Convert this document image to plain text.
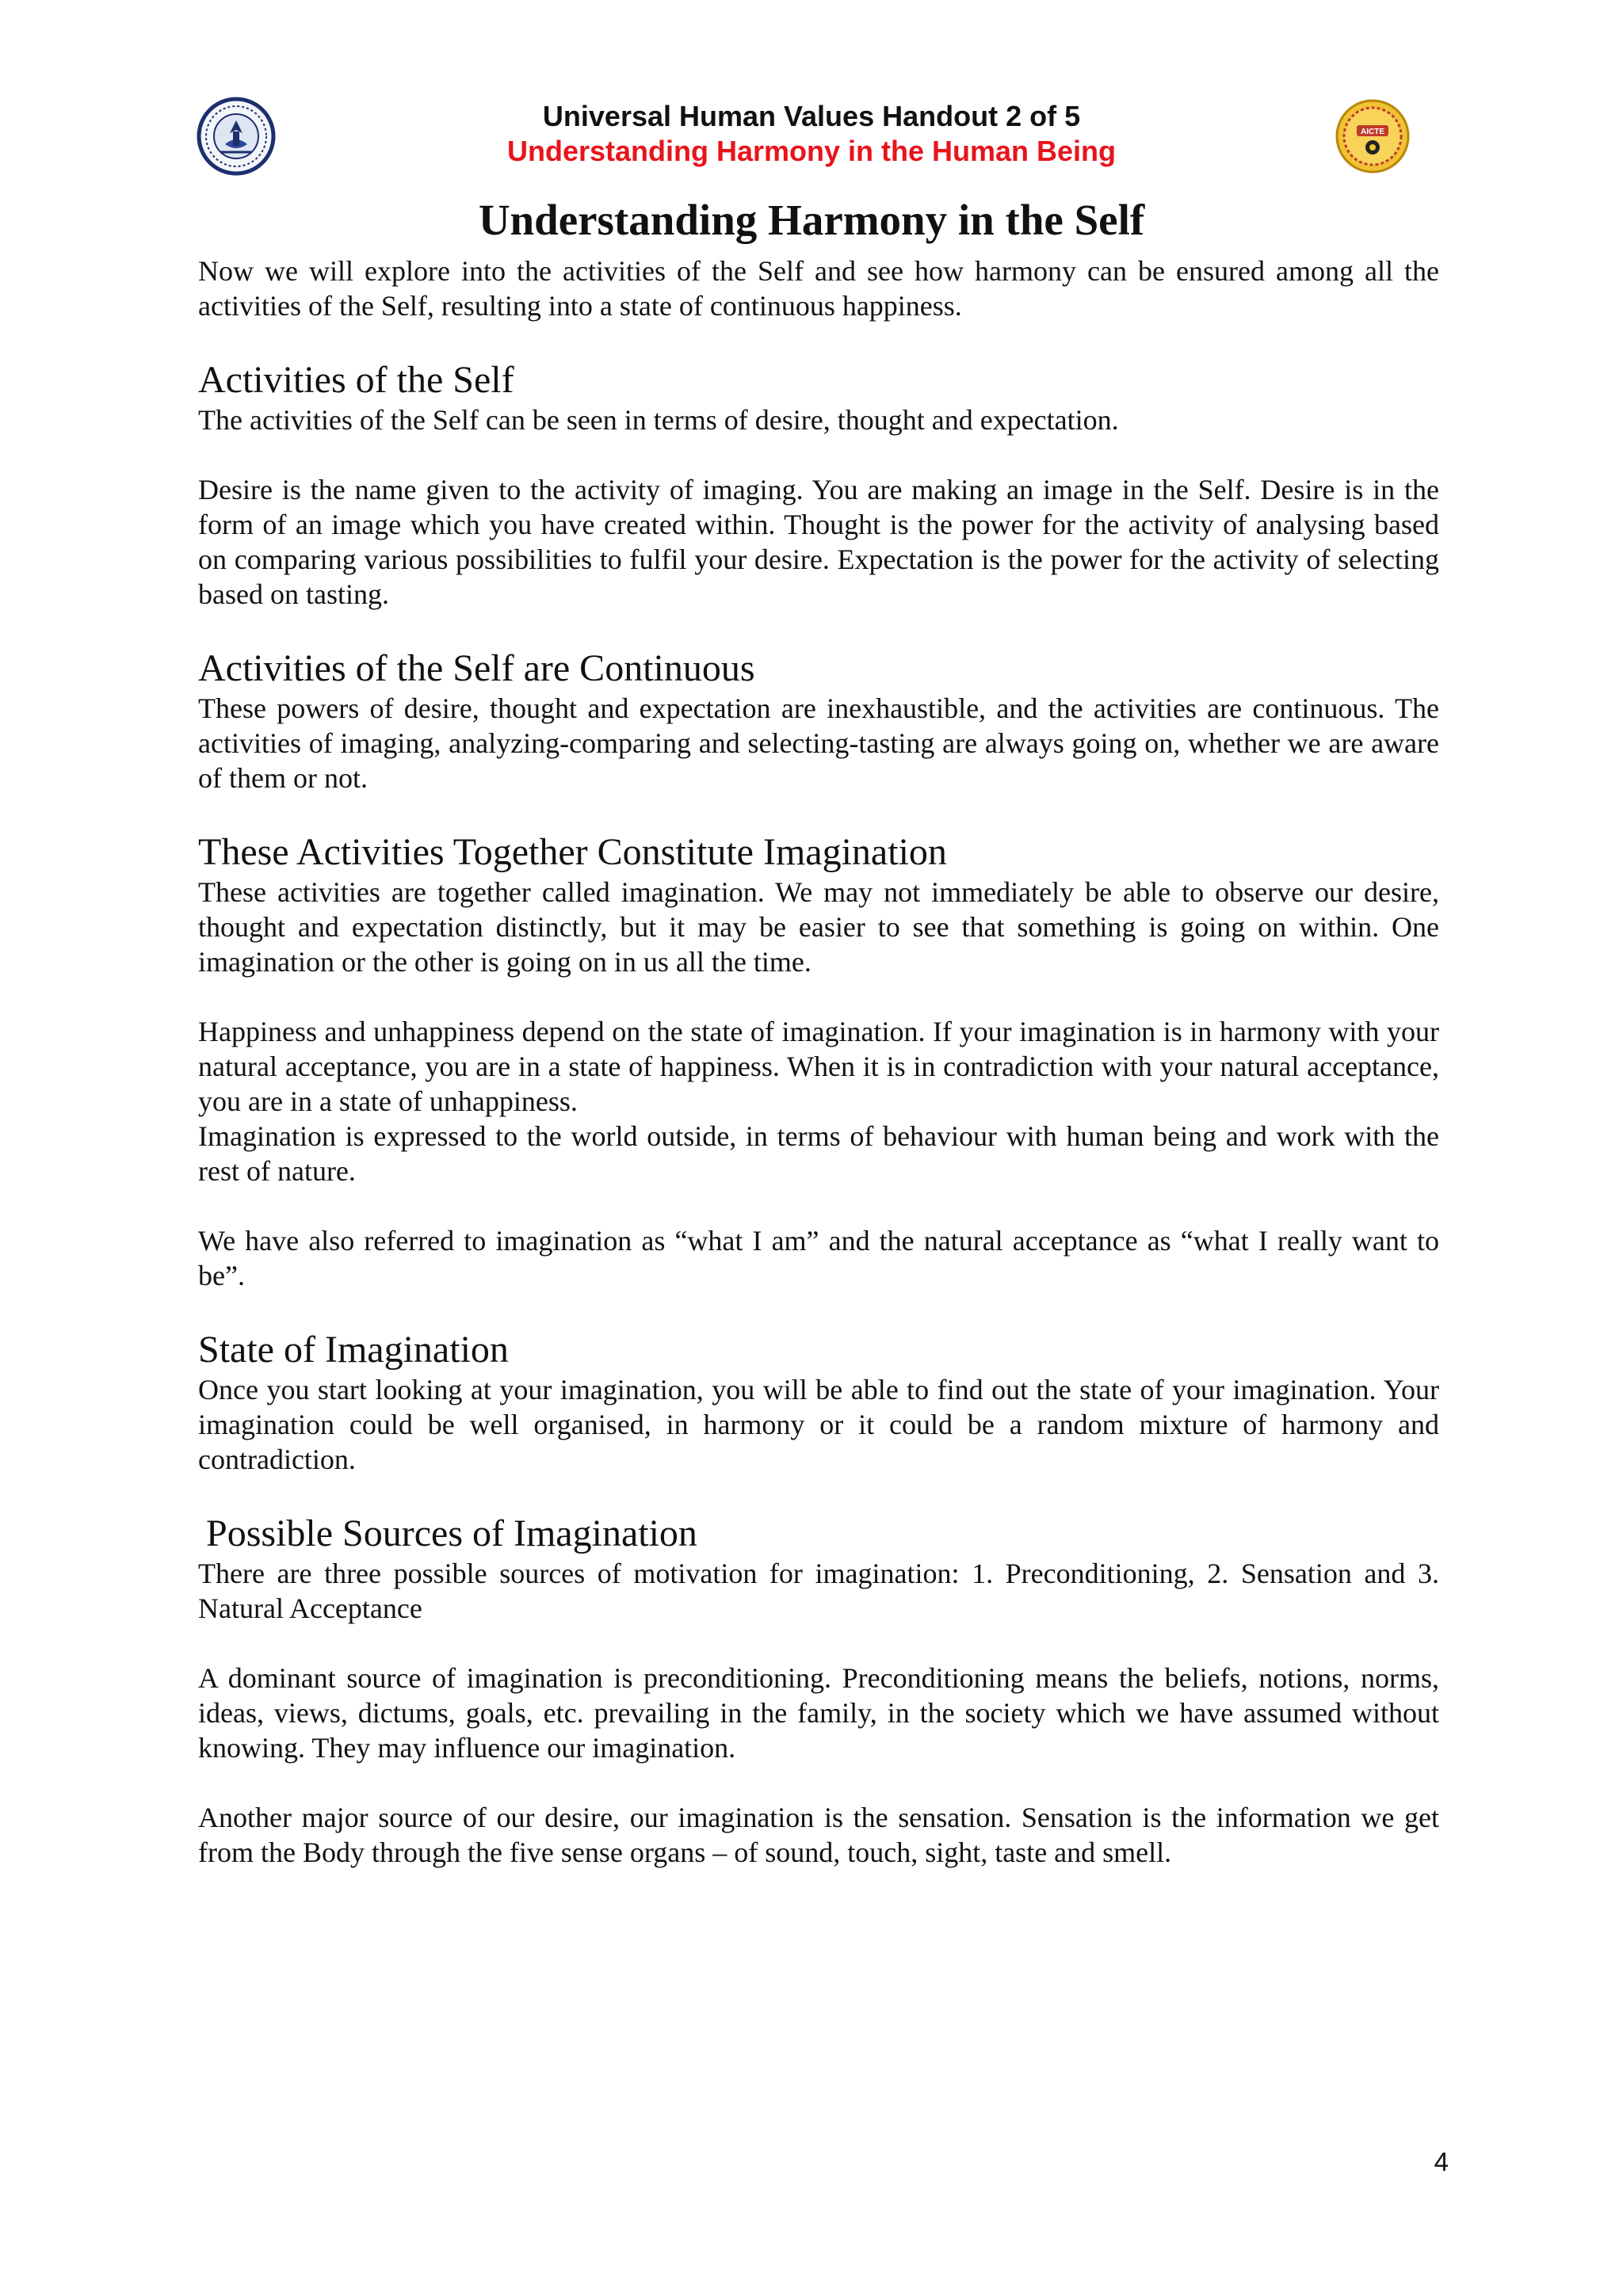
AICTE
Universal Human Values Handout 2 of 5
Understanding Harmony in the Human Being
Understanding Harmony in the Self

Now we will explore into the activities of the Self and see how harmony can be ensured among all the activities of the Self, resulting into a state of continuous happiness.

Activities of the Self

The activities of the Self can be seen in terms of desire, thought and expectation.

Desire is the name given to the activity of imaging. You are making an image in the Self. Desire is in the form of an image which you have created within. Thought is the power for the activity of analysing based on comparing various possibilities to fulfil your desire. Expectation is the power for the activity of selecting based on tasting.

Activities of the Self are Continuous

These powers of desire, thought and expectation are inexhaustible, and the activities are continuous. The activities of imaging, analyzing-comparing and selecting-tasting are always going on, whether we are aware of them or not.

These Activities Together Constitute Imagination

These activities are together called imagination. We may not immediately be able to observe our desire, thought and expectation distinctly, but it may be easier to see that something is going on within. One imagination or the other is going on in us all the time.

Happiness and unhappiness depend on the state of imagination. If your imagination is in harmony with your natural acceptance, you are in a state of happiness. When it is in contradiction with your natural acceptance, you are in a state of unhappiness.

Imagination is expressed to the world outside, in terms of behaviour with human being and work with the rest of nature.

We have also referred to imagination as “what I am” and the natural acceptance as “what I really want to be”.

State of Imagination

Once you start looking at your imagination, you will be able to find out the state of your imagination. Your imagination could be well organised, in harmony or it could be a random mixture of harmony and contradiction.

Possible Sources of Imagination

There are three possible sources of motivation for imagination: 1. Preconditioning, 2. Sensation and 3. Natural Acceptance

A dominant source of imagination is preconditioning. Preconditioning means the beliefs, notions, norms, ideas, views, dictums, goals, etc. prevailing in the family, in the society which we have assumed without knowing. They may influence our imagination.

Another major source of our desire, our imagination is the sensation. Sensation is the information we get from the Body through the five sense organs – of sound, touch, sight, taste and smell.

4
